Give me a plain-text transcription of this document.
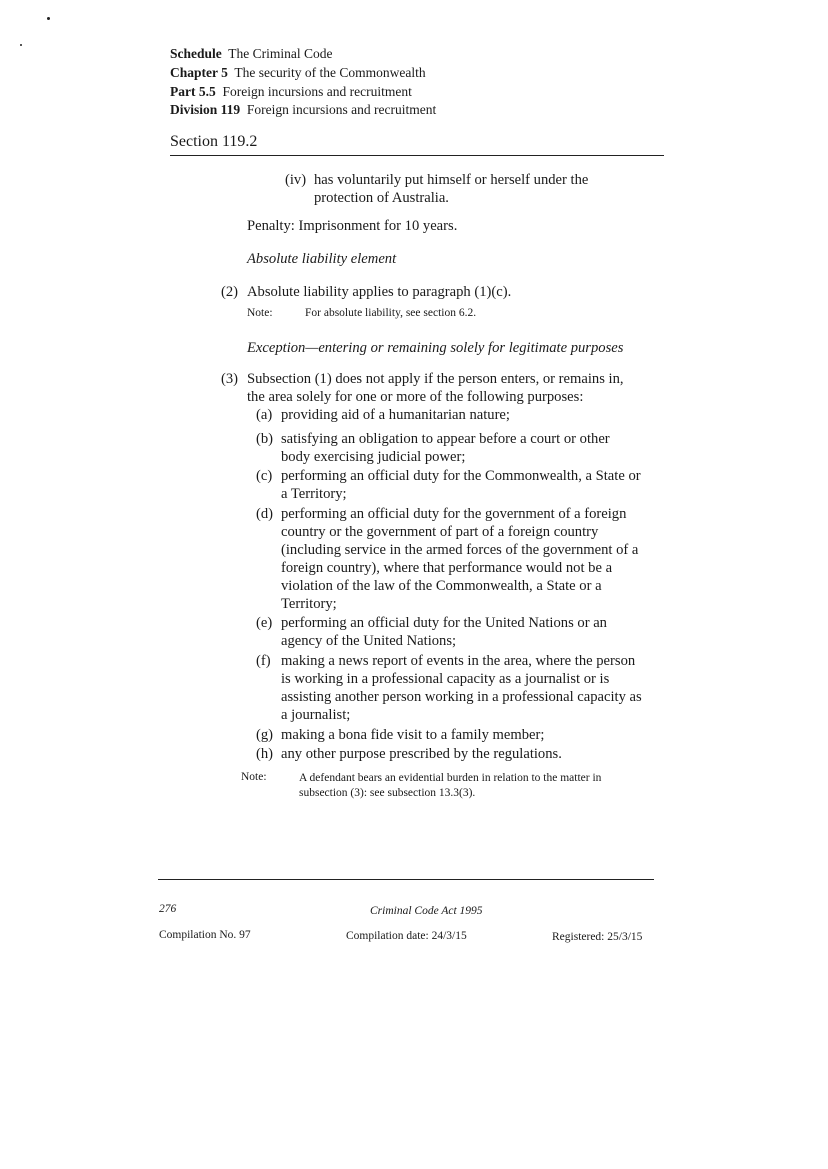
Schedule The Criminal Code
Chapter 5 The security of the Commonwealth
Part 5.5 Foreign incursions and recruitment
Division 119 Foreign incursions and recruitment
Section 119.2
(iv) has voluntarily put himself or herself under the
protection of Australia.
Penalty: Imprisonment for 10 years.
Absolute liability element
(2) Absolute liability applies to paragraph (1)(c).
Note:	For absolute liability, see section 6.2.
Exception—entering or remaining solely for legitimate purposes
(3) Subsection (1) does not apply if the person enters, or remains in,
the area solely for one or more of the following purposes:
(a) providing aid of a humanitarian nature;
(b) satisfying an obligation to appear before a court or other
body exercising judicial power;
(c) performing an official duty for the Commonwealth, a State or
a Territory;
(d) performing an official duty for the government of a foreign
country or the government of part of a foreign country
(including service in the armed forces of the government of a
foreign country), where that performance would not be a
violation of the law of the Commonwealth, a State or a
Territory;
(e) performing an official duty for the United Nations or an
agency of the United Nations;
(f) making a news report of events in the area, where the person
is working in a professional capacity as a journalist or is
assisting another person working in a professional capacity as
a journalist;
(g) making a bona fide visit to a family member;
(h) any other purpose prescribed by the regulations.
Note:	A defendant bears an evidential burden in relation to the matter in
subsection (3): see subsection 13.3(3).
276	Criminal Code Act 1995
Compilation No. 97	Compilation date: 24/3/15	Registered: 25/3/15
